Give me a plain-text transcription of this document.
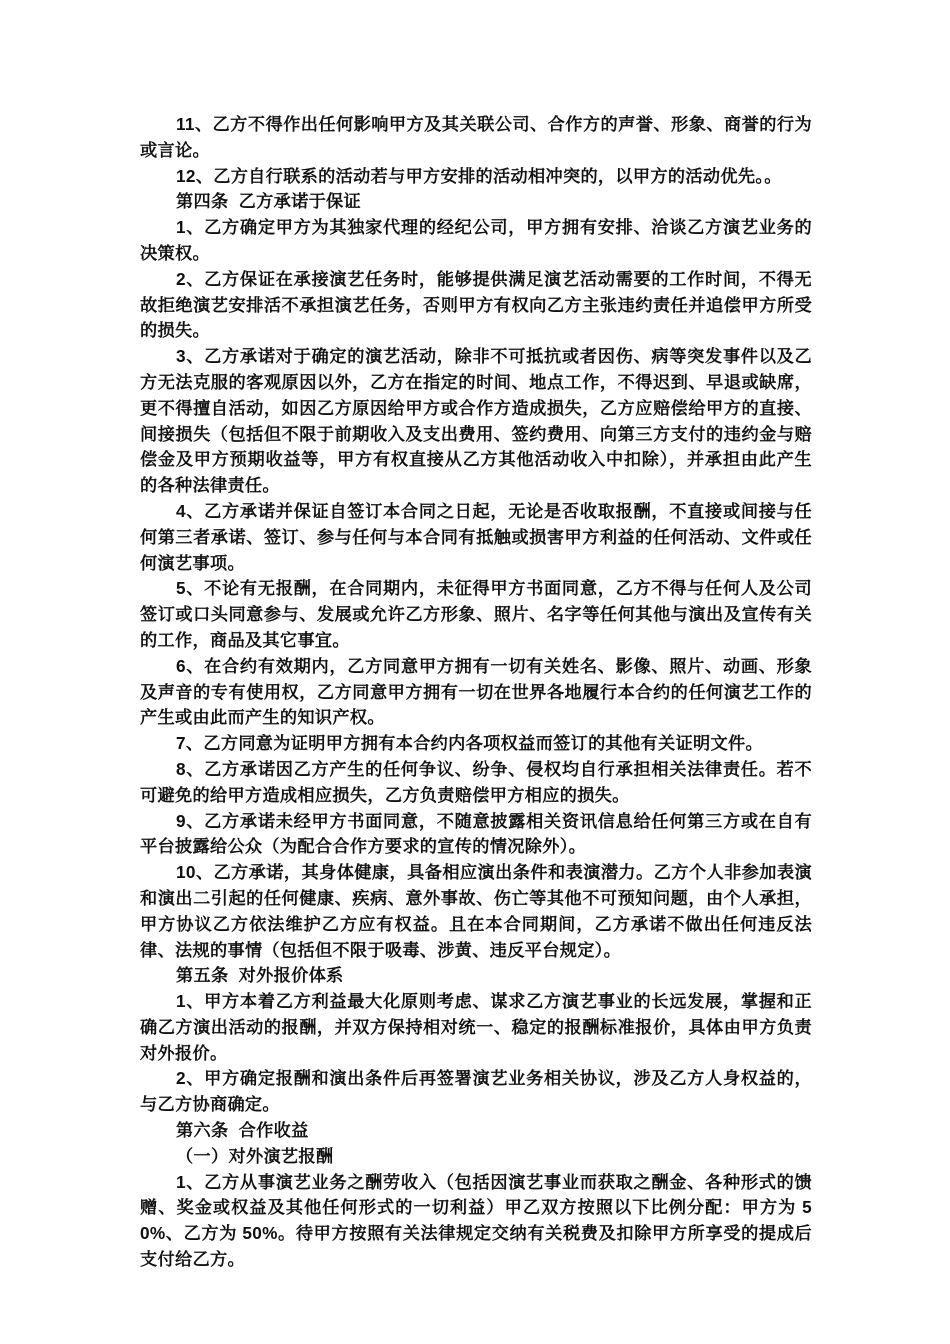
11、乙方不得作出任何影响甲方及其关联公司、合作方的声誉、形象、商誉的行为或言论。

12、乙方自行联系的活动若与甲方安排的活动相冲突的，以甲方的活动优先。。

第四条  乙方承诺于保证

1、乙方确定甲方为其独家代理的经纪公司，甲方拥有安排、洽谈乙方演艺业务的决策权。

2、乙方保证在承接演艺任务时，能够提供满足演艺活动需要的工作时间，不得无故拒绝演艺安排活不承担演艺任务，否则甲方有权向乙方主张违约责任并追偿甲方所受的损失。

3、乙方承诺对于确定的演艺活动，除非不可抵抗或者因伤、病等突发事件以及乙方无法克服的客观原因以外，乙方在指定的时间、地点工作，不得迟到、早退或缺席，更不得擅自活动，如因乙方原因给甲方或合作方造成损失，乙方应赔偿给甲方的直接、间接损失（包括但不限于前期收入及支出费用、签约费用、向第三方支付的违约金与赔偿金及甲方预期收益等，甲方有权直接从乙方其他活动收入中扣除），并承担由此产生的各种法律责任。

4、乙方承诺并保证自签订本合同之日起，无论是否收取报酬，不直接或间接与任何第三者承诺、签订、参与任何与本合同有抵触或损害甲方利益的任何活动、文件或任何演艺事项。

5、不论有无报酬，在合同期内，未征得甲方书面同意，乙方不得与任何人及公司签订或口头同意参与、发展或允许乙方形象、照片、名字等任何其他与演出及宣传有关的工作，商品及其它事宜。

6、在合约有效期内，乙方同意甲方拥有一切有关姓名、影像、照片、动画、形象及声音的专有使用权，乙方同意甲方拥有一切在世界各地履行本合约的任何演艺工作的产生或由此而产生的知识产权。

7、乙方同意为证明甲方拥有本合约内各项权益而签订的其他有关证明文件。

8、乙方承诺因乙方产生的任何争议、纷争、侵权均自行承担相关法律责任。若不可避免的给甲方造成相应损失，乙方负责赔偿甲方相应的损失。

9、乙方承诺未经甲方书面同意，不随意披露相关资讯信息给任何第三方或在自有平台披露给公众（为配合合作方要求的宣传的情况除外）。

10、乙方承诺，其身体健康，具备相应演出条件和表演潜力。乙方个人非参加表演和演出二引起的任何健康、疾病、意外事故、伤亡等其他不可预知问题，由个人承担，甲方协议乙方依法维护乙方应有权益。且在本合同期间，乙方承诺不做出任何违反法律、法规的事情（包括但不限于吸毒、涉黄、违反平台规定）。

第五条  对外报价体系

1、甲方本着乙方利益最大化原则考虑、谋求乙方演艺事业的长远发展，掌握和正确乙方演出活动的报酬，并双方保持相对统一、稳定的报酬标准报价，具体由甲方负责对外报价。

2、甲方确定报酬和演出条件后再签署演艺业务相关协议，涉及乙方人身权益的，与乙方协商确定。

第六条  合作收益

（一）对外演艺报酬

1、乙方从事演艺业务之酬劳收入（包括因演艺事业而获取之酬金、各种形式的馈赠、奖金或权益及其他任何形式的一切利益）甲乙双方按照以下比例分配：甲方为 50%、乙方为 50%。待甲方按照有关法律规定交纳有关税费及扣除甲方所享受的提成后支付给乙方。
